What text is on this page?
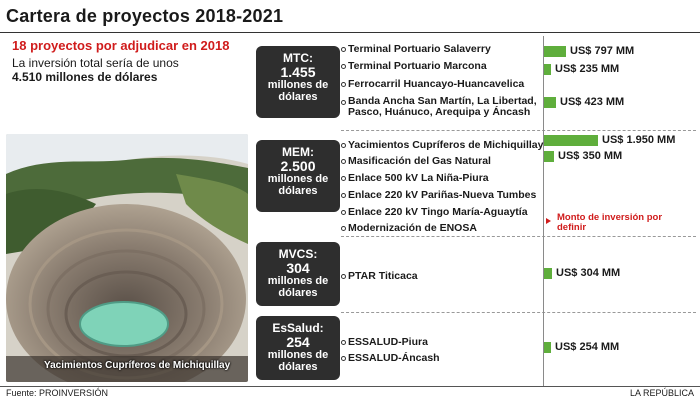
Cartera de proyectos 2018-2021
18 proyectos por adjudicar en 2018
La inversión total sería de unos
4.510 millones de dólares
Yacimientos Cupríferos de Michiquillay
MTC:
1.455
millones de dólares
MEM:
2.500
millones de dólares
MVCS:
304
millones de dólares
EsSalud:
254
millones de dólares
Terminal Portuario Salaverry
Terminal Portuario Marcona
Ferrocarril Huancayo-Huancavelica
Banda Ancha San Martín, La Libertad, Pasco, Huánuco, Arequipa y Áncash
Yacimientos Cupríferos de Michiquillay
Masificación del Gas Natural
Enlace 500 kV La Niña-Piura
Enlace 220 kV Pariñas-Nueva Tumbes
Enlace 220 kV Tingo María-Aguaytía
Modernización de ENOSA
PTAR Titicaca
ESSALUD-Piura
ESSALUD-Áncash
US$ 797 MM
US$ 235 MM
US$ 423 MM
US$ 1.950 MM
US$ 350 MM
US$ 304 MM
US$ 254 MM
Monto de inversión por definir
Fuente: PROINVERSIÓN	LA REPÚBLICA
